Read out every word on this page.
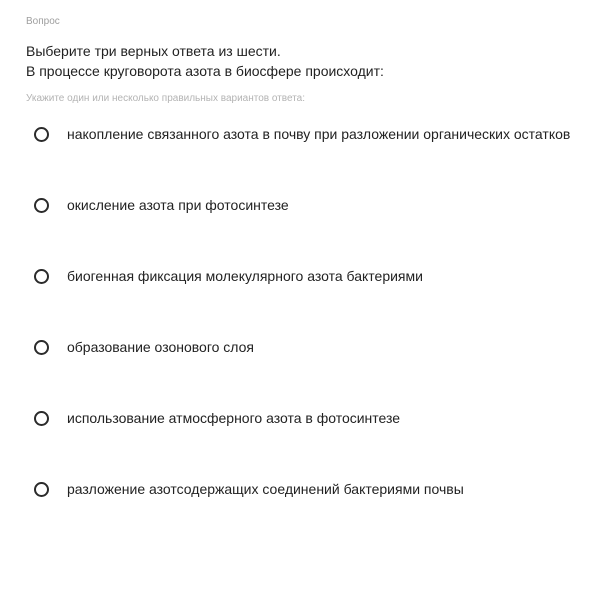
Вопрос
Выберите три верных ответа из шести.
В процессе круговорота азота в биосфере происходит:
Укажите один или несколько правильных вариантов ответа:
накопление связанного азота в почву при разложении органических остатков
окисление азота при фотосинтезе
биогенная фиксация молекулярного азота бактериями
образование озонового слоя
использование атмосферного азота в фотосинтезе
разложение азотсодержащих соединений бактериями почвы
